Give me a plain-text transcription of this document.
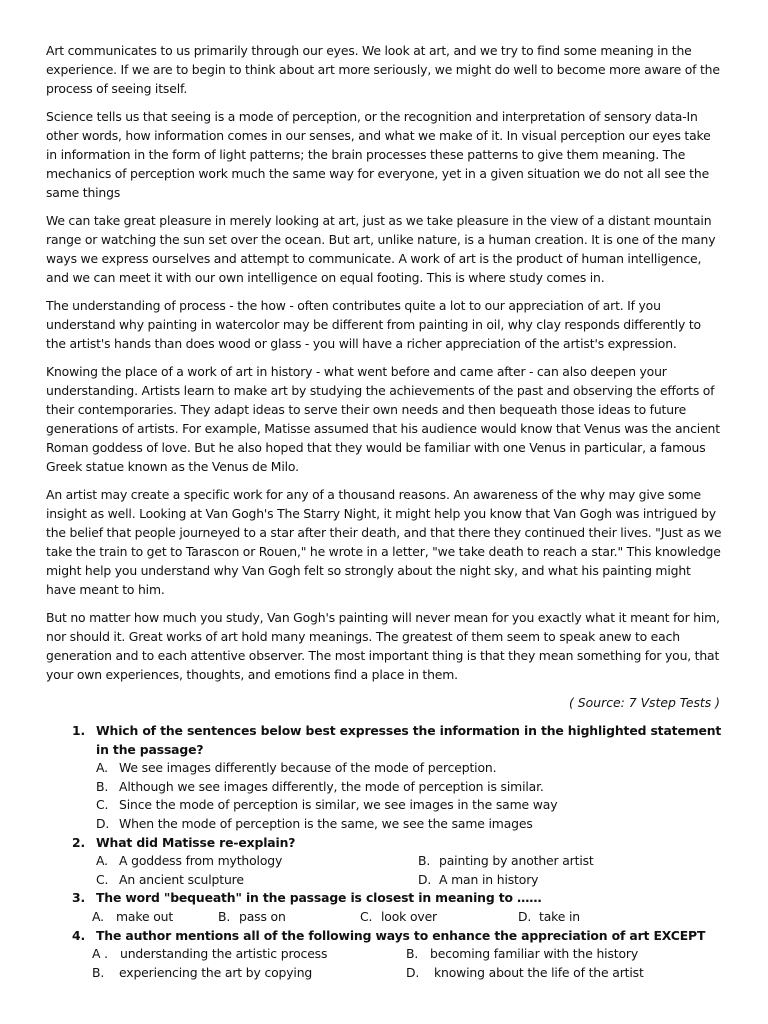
Art communicates to us primarily through our eyes. We look at art, and we try to find some meaning in the experience. If we are to begin to think about art more seriously, we might do well to become more aware of the process of seeing itself.

Science tells us that seeing is a mode of perception, or the recognition and interpretation of sensory data-In other words, how information comes in our senses, and what we make of it. In visual perception our eyes take in information in the form of light patterns; the brain processes these patterns to give them meaning. The mechanics of perception work much the same way for everyone, yet in a given situation we do not all see the same things

We can take great pleasure in merely looking at art, just as we take pleasure in the view of a distant mountain range or watching the sun set over the ocean. But art, unlike nature, is a human creation. It is one of the many ways we express ourselves and attempt to communicate. A work of art is the product of human intelligence, and we can meet it with our own intelligence on equal footing. This is where study comes in.

The understanding of process - the how - often contributes quite a lot to our appreciation of art. If you understand why painting in watercolor may be different from painting in oil, why clay responds differently to the artist's hands than does wood or glass - you will have a richer appreciation of the artist's expression.

Knowing the place of a work of art in history - what went before and came after - can also deepen your understanding. Artists learn to make art by studying the achievements of the past and observing the efforts of their contemporaries. They adapt ideas to serve their own needs and then bequeath those ideas to future generations of artists. For example, Matisse assumed that his audience would know that Venus was the ancient Roman goddess of love. But he also hoped that they would be familiar with one Venus in particular, a famous Greek statue known as the Venus de Milo.

An artist may create a specific work for any of a thousand reasons. An awareness of the why may give some insight as well. Looking at Van Gogh's The Starry Night, it might help you know that Van Gogh was intrigued by the belief that people journeyed to a star after their death, and that there they continued their lives. "Just as we take the train to get to Tarascon or Rouen," he wrote in a letter, "we take death to reach a star." This knowledge might help you understand why Van Gogh felt so strongly about the night sky, and what his painting might have meant to him.

But no matter how much you study, Van Gogh's painting will never mean for you exactly what it meant for him, nor should it. Great works of art hold many meanings. The greatest of them seem to speak anew to each generation and to each attentive observer. The most important thing is that they mean something for you, that your own experiences, thoughts, and emotions find a place in them.

( Source: 7 Vstep Tests )
1. Which of the sentences below best expresses the information in the highlighted statement in the passage?
A. We see images differently because of the mode of perception.
B. Although we see images differently, the mode of perception is similar.
C. Since the mode of perception is similar, we see images in the same way
D. When the mode of perception is the same, we see the same images
2. What did Matisse re-explain?
A. A goddess from mythology	B. painting by another artist
C. An ancient sculpture	D. A man in history
3. The word "bequeath" in the passage is closest in meaning to ……
A. make out	B. pass on	C. look over	D. take in
4. The author mentions all of the following ways to enhance the appreciation of art EXCEPT
A . understanding the artistic process	B. becoming familiar with the history
B. experiencing the art by copying	D. knowing about the life of the artist
